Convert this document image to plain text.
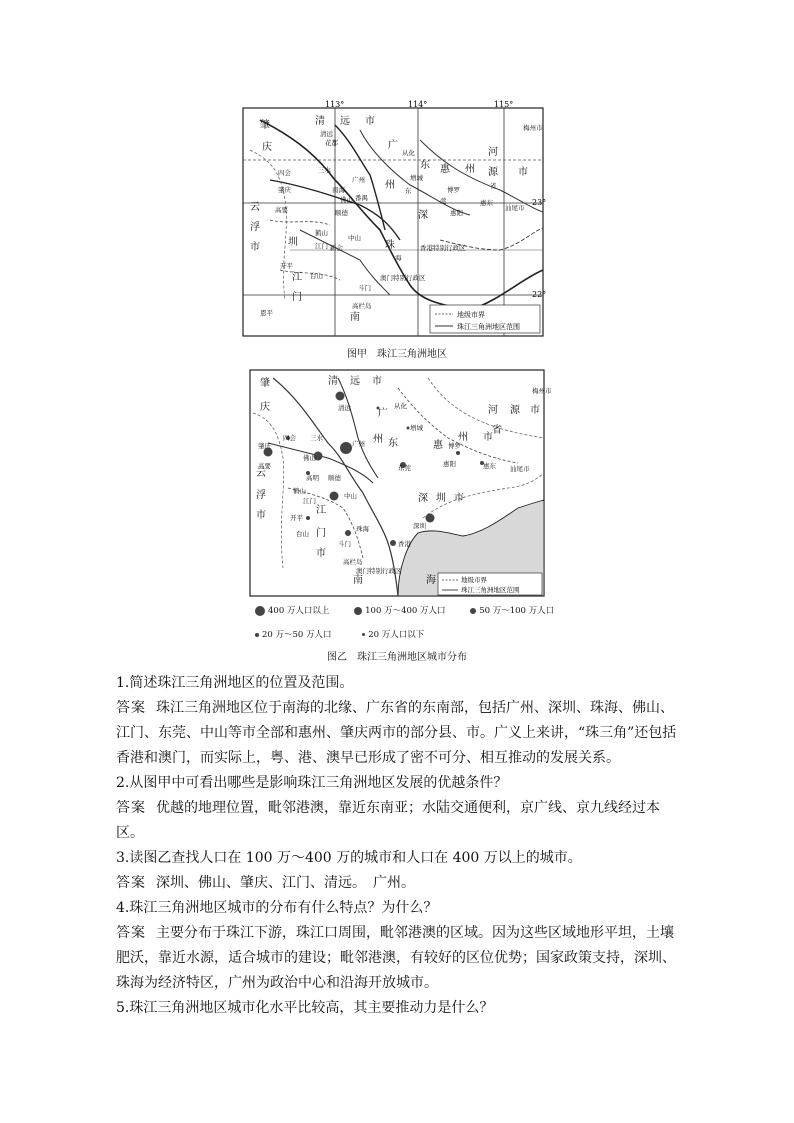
113°	114°	115°
23°
22°
肇
庆
清 远 市
广
州
河
源 市
惠 州
东
深
云
浮
市	圳
江
门
珠
南
梅州市
汕尾市
从化
增城
博罗
惠阳
惠东
高要
肇庆
四会	三水
台山
开平
恩平
鹤山
新会
江门
斗门
香港特别行政区
澳门特别行政区
高栏岛
番禺
顺德
南海
花都
广州
清远
海
中山
佛山	莞
省
东
地级市界
珠江三角洲地区范围
图甲　珠江三角洲地区
肇
庆
清 远 市
广
州 东	惠
州 市
河 源 市
省
云
浮
市	江
门
市
深 圳 市
南	海
梅州市
汕尾市
清远	从化
增城
广州	博罗
惠阳	惠东
四会 三水
佛山
肇庆
高要	东莞
高明
鹤山
顺德
中山
江门
开平
台山
深圳
珠海
香港
澳门特别行政区
斗门
高栏岛
地级市界
珠江三角洲地区范围
400 万人口以上	100 万～400 万人口	50 万～100 万人口
20 万～50 万人口	20 万人口以下
图乙　珠江三角洲地区城市分布

1.简述珠江三角洲地区的位置及范围。

答案 珠江三角洲地区位于南海的北缘、广东省的东南部，包括广州、深圳、珠海、佛山、江门、东莞、中山等市全部和惠州、肇庆两市的部分县、市。广义上来讲，“珠三角”还包括香港和澳门，而实际上，粤、港、澳早已形成了密不可分、相互推动的发展关系。

2.从图甲中可看出哪些是影响珠江三角洲地区发展的优越条件？

答案 优越的地理位置，毗邻港澳，靠近东南亚；水陆交通便利，京广线、京九线经过本区。

3.读图乙查找人口在 100 万～400 万的城市和人口在 400 万以上的城市。

答案 深圳、佛山、肇庆、江门、清远。　广州。

4.珠江三角洲地区城市的分布有什么特点？为什么？

答案 主要分布于珠江下游，珠江口周围，毗邻港澳的区域。因为这些区域地形平坦，土壤肥沃，靠近水源，适合城市的建设；毗邻港澳，有较好的区位优势；国家政策支持，深圳、珠海为经济特区，广州为政治中心和沿海开放城市。

5.珠江三角洲地区城市化水平比较高，其主要推动力是什么？
